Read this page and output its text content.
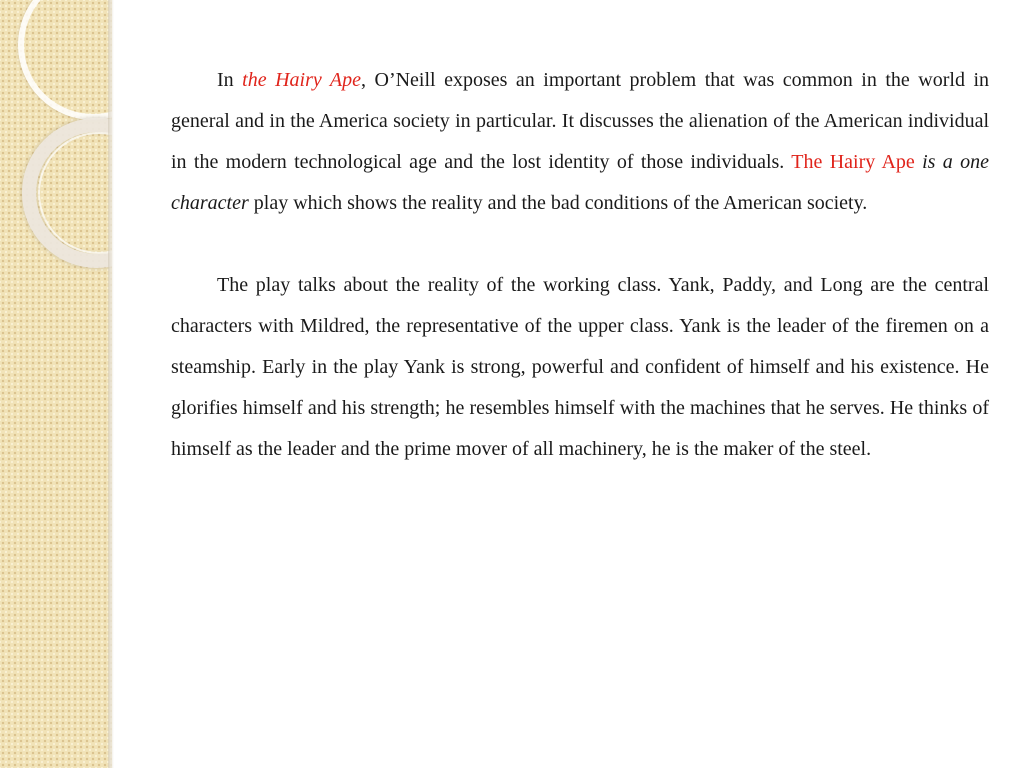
In the Hairy Ape, O’Neill exposes an important problem that was common in the world in general and in the America society in particular. It discusses the alienation of the American individual in the modern technological age and the lost identity of those individuals. The Hairy Ape is a one character play which shows the reality and the bad conditions of the American society.

The play talks about the reality of the working class. Yank, Paddy, and Long are the central characters with Mildred, the representative of the upper class. Yank is the leader of the firemen on a steamship. Early in the play Yank is strong, powerful and confident of himself and his existence. He glorifies himself and his strength; he resembles himself with the machines that he serves. He thinks of himself as the leader and the prime mover of all machinery, he is the maker of the steel.
